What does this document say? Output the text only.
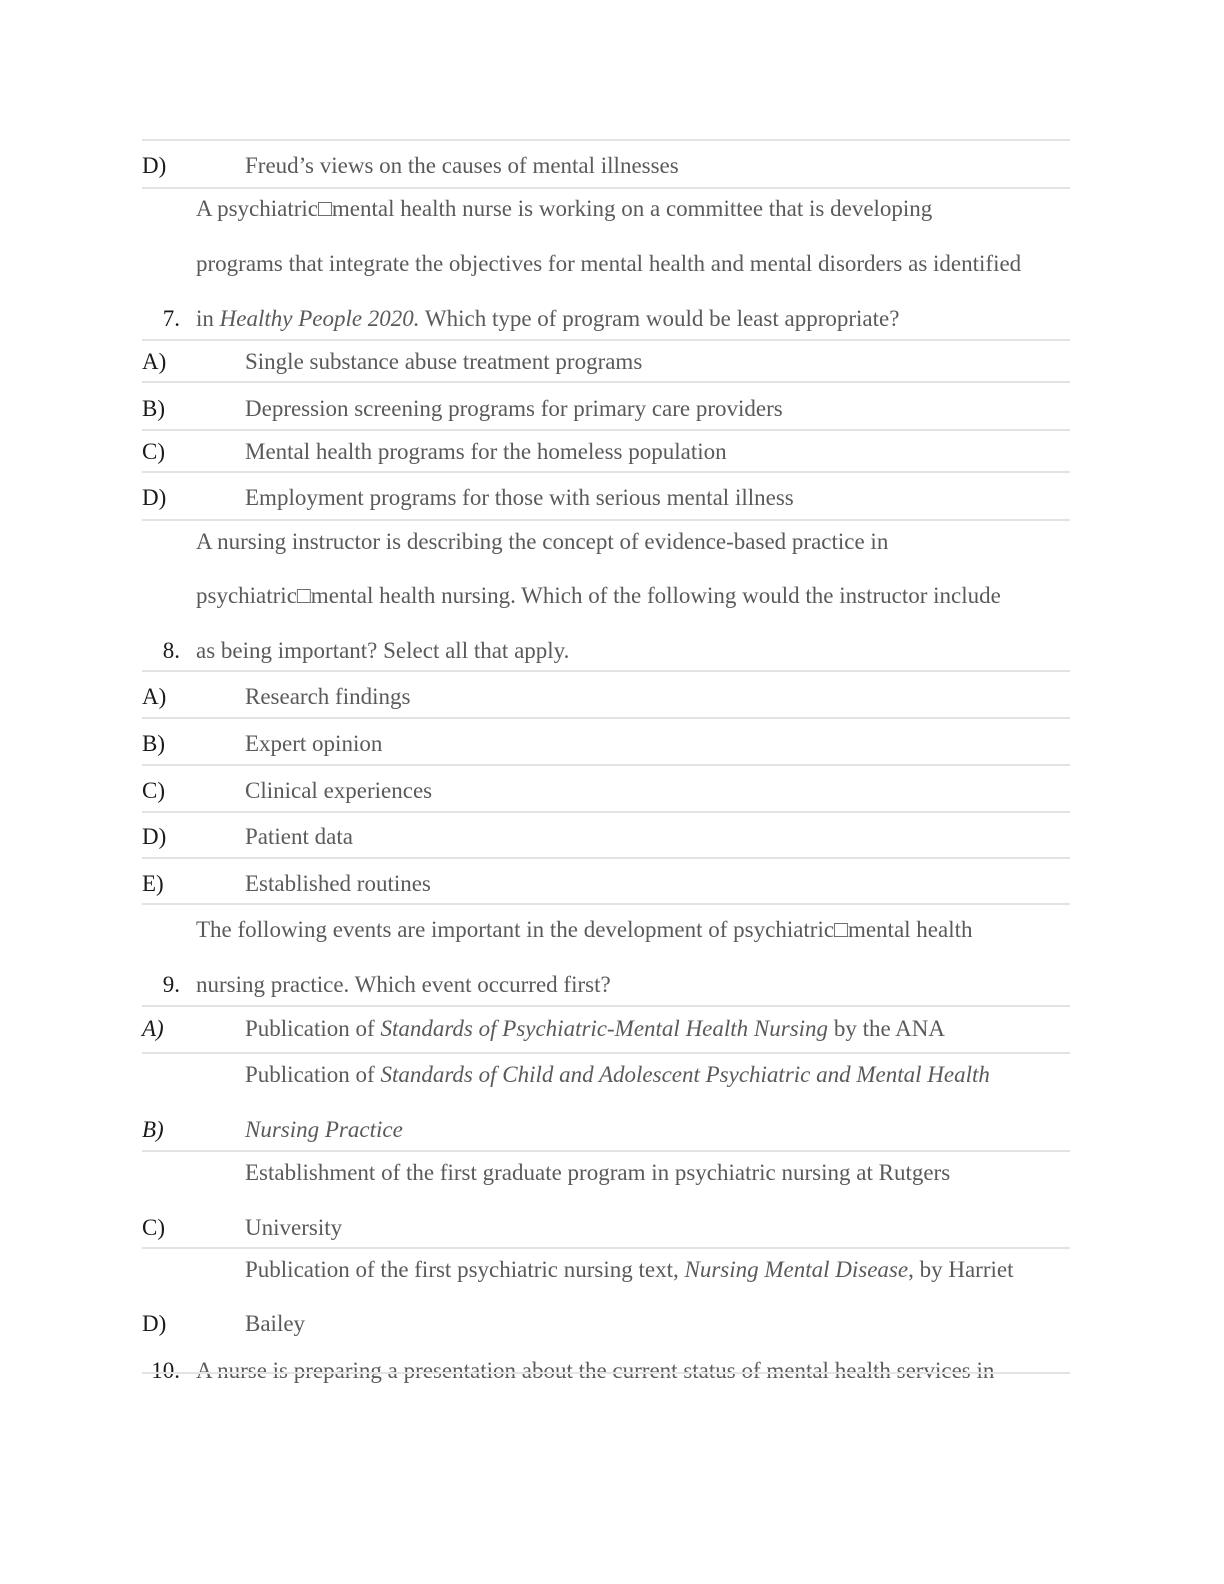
D)	Freud’s views on the causes of mental illnesses
A psychiatric□mental health nurse is working on a committee that is developing
programs that integrate the objectives for mental health and mental disorders as identified
7. in Healthy People 2020. Which type of program would be least appropriate?
A)	Single substance abuse treatment programs
B)	Depression screening programs for primary care providers
C)	Mental health programs for the homeless population
D)	Employment programs for those with serious mental illness
A nursing instructor is describing the concept of evidence-based practice in
psychiatric□mental health nursing. Which of the following would the instructor include
8. as being important? Select all that apply.
A)	Research findings
B)	Expert opinion
C)	Clinical experiences
D)	Patient data
E)	Established routines
The following events are important in the development of psychiatric□mental health
9. nursing practice. Which event occurred first?
A)	Publication of Standards of Psychiatric-Mental Health Nursing by the ANA
Publication of Standards of Child and Adolescent Psychiatric and Mental Health
B)	Nursing Practice
Establishment of the first graduate program in psychiatric nursing at Rutgers
C)	University
Publication of the first psychiatric nursing text, Nursing Mental Disease, by Harriet
D)	Bailey
10. A nurse is preparing a presentation about the current status of mental health services in
